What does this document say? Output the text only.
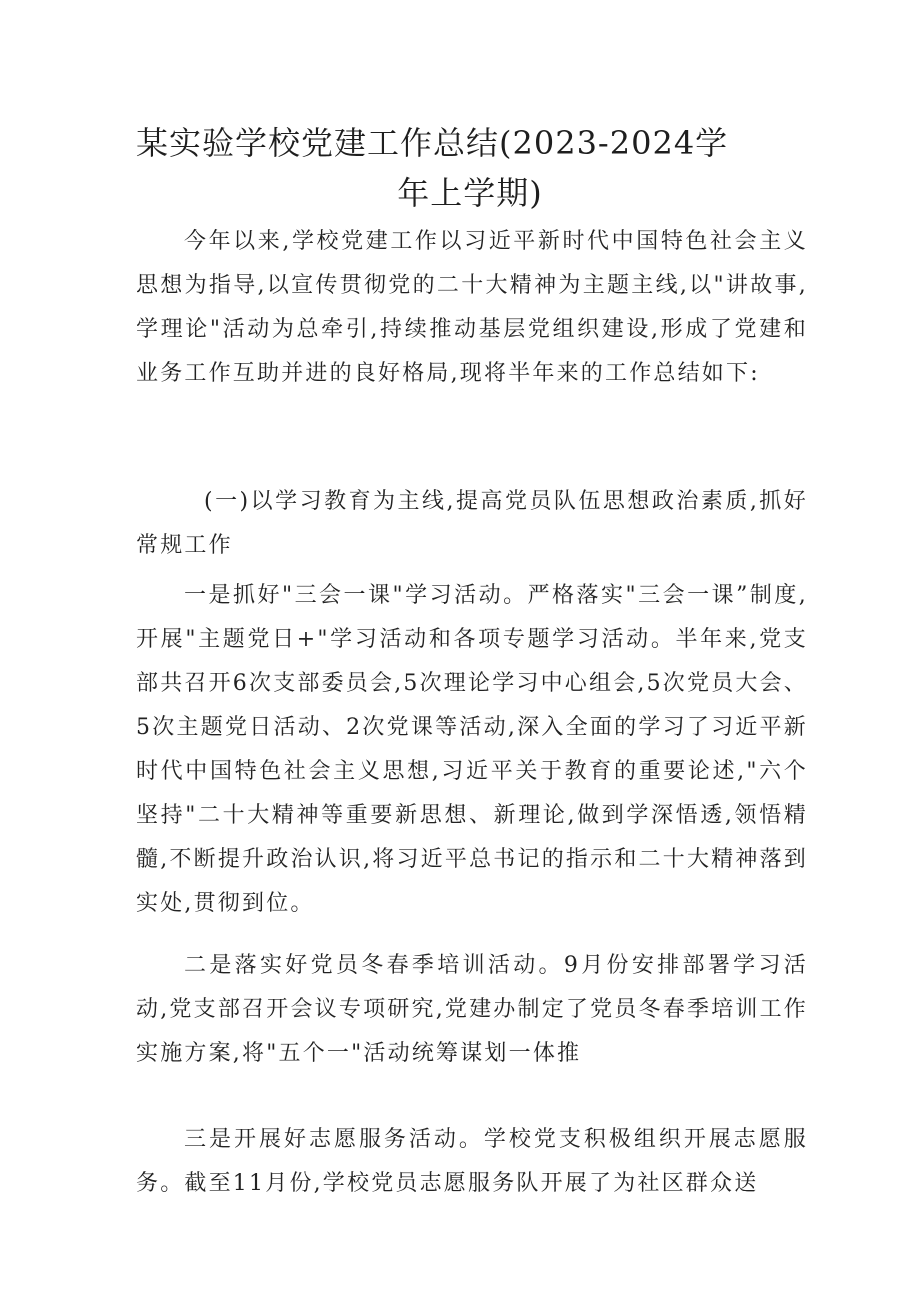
某实验学校党建工作总结(2023-2024学
年上学期)

今年以来,学校党建工作以习近平新时代中国特色社会主义思想为指导,以宣传贯彻党的二十大精神为主题主线,以"讲故事,学理论"活动为总牵引,持续推动基层党组织建设,形成了党建和业务工作互助并进的良好格局,现将半年来的工作总结如下:

(一)以学习教育为主线,提高党员队伍思想政治素质,抓好常规工作

一是抓好"三会一课"学习活动。严格落实"三会一课”制度,开展"主题党日+"学习活动和各项专题学习活动。半年来,党支部共召开6次支部委员会,5次理论学习中心组会,5次党员大会、5次主题党日活动、2次党课等活动,深入全面的学习了习近平新时代中国特色社会主义思想,习近平关于教育的重要论述,"六个坚持"二十大精神等重要新思想、新理论,做到学深悟透,领悟精髓,不断提升政治认识,将习近平总书记的指示和二十大精神落到实处,贯彻到位。

二是落实好党员冬春季培训活动。9月份安排部署学习活动,党支部召开会议专项研究,党建办制定了党员冬春季培训工作实施方案,将"五个一"活动统筹谋划一体推

三是开展好志愿服务活动。学校党支积极组织开展志愿服务。截至11月份,学校党员志愿服务队开展了为社区群众送
